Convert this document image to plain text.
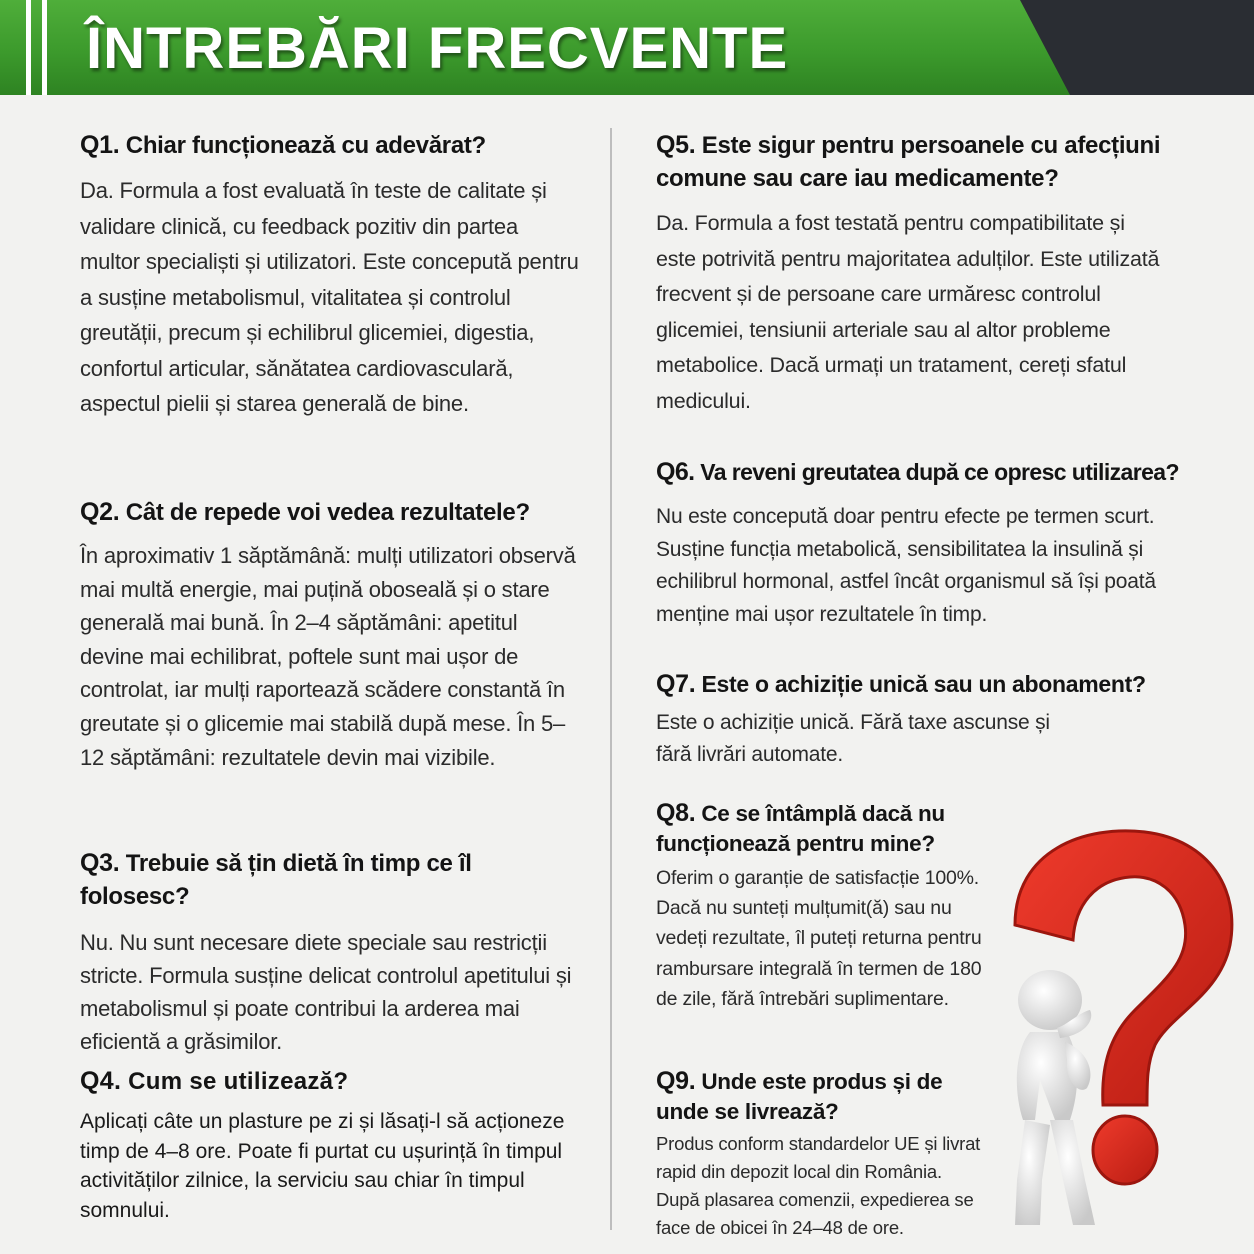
ÎNTREBĂRI FRECVENTE
Q1. Chiar funcționează cu adevărat?

Da. Formula a fost evaluată în teste de calitate și validare clinică, cu feedback pozitiv din partea multor specialiști și utilizatori. Este concepută pentru a susține metabolismul, vitalitatea și controlul greutății, precum și echilibrul glicemiei, digestia, confortul articular, sănătatea cardiovasculară, aspectul pielii și starea generală de bine.

Q2. Cât de repede voi vedea rezultatele?

În aproximativ 1 săptămână: mulți utilizatori observă mai multă energie, mai puțină oboseală și o stare generală mai bună. În 2–4 săptămâni: apetitul devine mai echilibrat, poftele sunt mai ușor de controlat, iar mulți raportează scădere constantă în greutate și o glicemie mai stabilă după mese. În 5–12 săptămâni: rezultatele devin mai vizibile.

Q3. Trebuie să țin dietă în timp ce îl folosesc?

Nu. Nu sunt necesare diete speciale sau restricții stricte. Formula susține delicat controlul apetitului și metabolismul și poate contribui la arderea mai eficientă a grăsimilor.

Q4. Cum se utilizează?

Aplicați câte un plasture pe zi și lăsați-l să acționeze timp de 4–8 ore. Poate fi purtat cu ușurință în timpul activităților zilnice, la serviciu sau chiar în timpul somnului.

Q5. Este sigur pentru persoanele cu afecțiuni comune sau care iau medicamente?

Da. Formula a fost testată pentru compatibilitate și este potrivită pentru majoritatea adulților. Este utilizată frecvent și de persoane care urmăresc controlul glicemiei, tensiunii arteriale sau al altor probleme metabolice. Dacă urmați un tratament, cereți sfatul medicului.

Q6. Va reveni greutatea după ce opresc utilizarea?

Nu este concepută doar pentru efecte pe termen scurt. Susține funcția metabolică, sensibilitatea la insulină și echilibrul hormonal, astfel încât organismul să își poată menține mai ușor rezultatele în timp.

Q7. Este o achiziție unică sau un abonament?

Este o achiziție unică. Fără taxe ascunse și fără livrări automate.

Q8. Ce se întâmplă dacă nu funcționează pentru mine?

Oferim o garanție de satisfacție 100%. Dacă nu sunteți mulțumit(ă) sau nu vedeți rezultate, îl puteți returna pentru rambursare integrală în termen de 180 de zile, fără întrebări suplimentare.

Q9. Unde este produs și de unde se livrează?

Produs conform standardelor UE și livrat rapid din depozit local din România. După plasarea comenzii, expedierea se face de obicei în 24–48 de ore.
